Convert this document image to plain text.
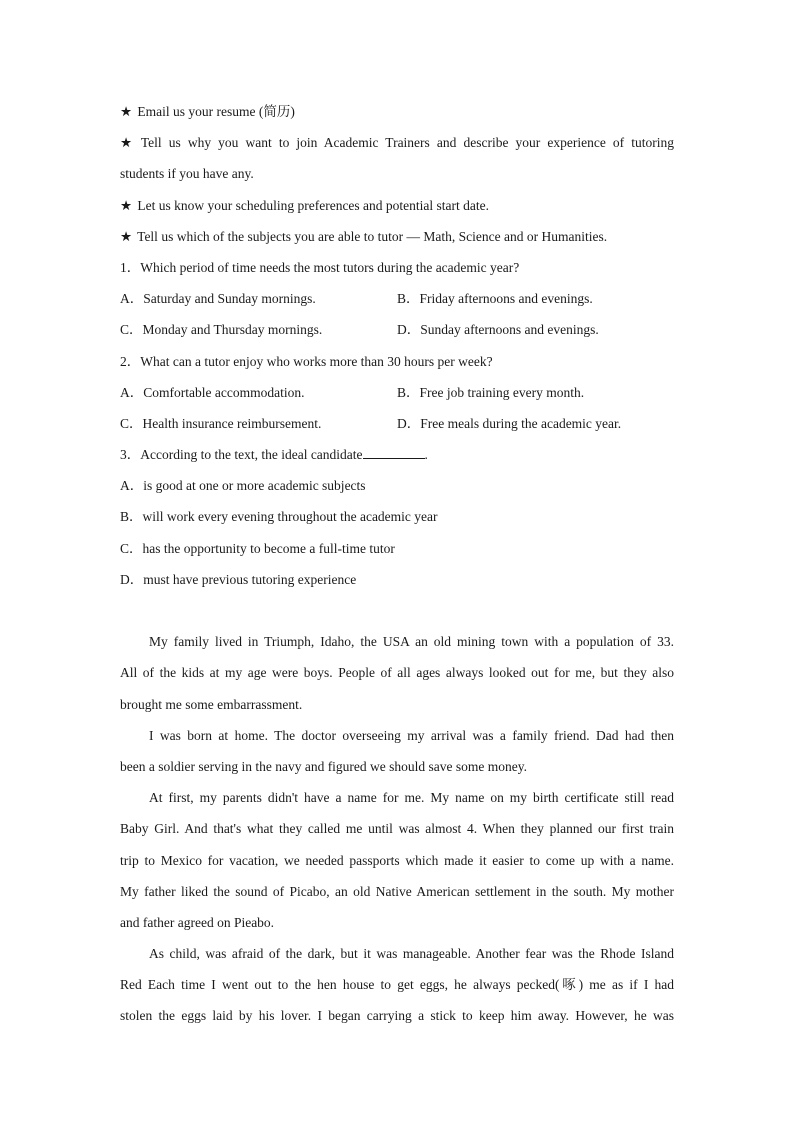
★ Email us your resume (简历)
★ Tell us why you want to join Academic Trainers and describe your experience of tutoring
students if you have any.
★ Let us know your scheduling preferences and potential start date.
★ Tell us which of the subjects you are able to tutor — Math, Science and or Humanities.
1．Which period of time needs the most tutors during the academic year?
A．Saturday and Sunday mornings.	B．Friday afternoons and evenings.
C．Monday and Thursday mornings.	D．Sunday afternoons and evenings.
2．What can a tutor enjoy who works more than 30 hours per week?
A．Comfortable accommodation.	B．Free job training every month.
C．Health insurance reimbursement.	D．Free meals during the academic year.
3．According to the text, the ideal candidate	.
A．is good at one or more academic subjects
B．will work every evening throughout the academic year
C．has the opportunity to become a full-time tutor
D．must have previous tutoring experience
My family lived in Triumph, Idaho, the USA an old mining town with a population of 33.
All of the kids at my age were boys. People of all ages always looked out for me, but they also
brought me some embarrassment.
I was born at home. The doctor overseeing my arrival was a family friend. Dad had then
been a soldier serving in the navy and figured we should save some money.
At first, my parents didn't have a name for me. My name on my birth certificate still read
Baby Girl. And that's what they called me until was almost 4. When they planned our first train
trip to Mexico for vacation, we needed passports which made it easier to come up with a name.
My father liked the sound of Picabo, an old Native American settlement in the south. My mother
and father agreed on Pieabo.
As child, was afraid of the dark, but it was manageable. Another fear was the Rhode Island
Red Each time I went out to the hen house to get eggs, he always pecked(啄) me as if I had
stolen the eggs laid by his lover. I began carrying a stick to keep him away. However, he was
